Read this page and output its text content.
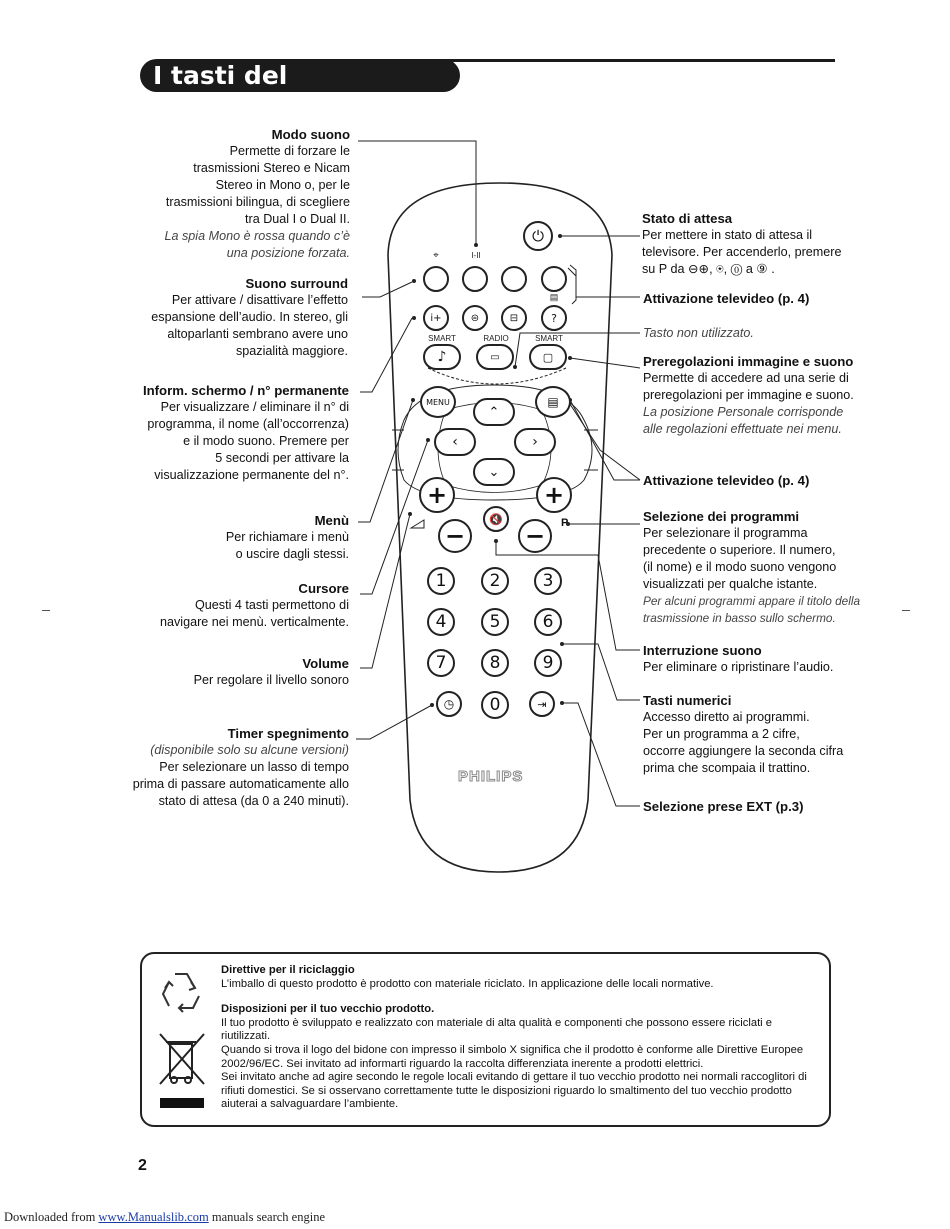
I tasti del telecomando
Modo suono
Permette di forzare le
trasmissioni Stereo e Nicam
Stereo in Mono o, per le
trasmissioni bilingua, di scegliere
tra Dual I o Dual II.
La spia Mono è rossa quando c’è
una posizione forzata.
Suono surround
Per attivare / disattivare l’effetto
espansione dell’audio. In stereo, gli
altoparlanti sembrano avere uno
spazialità maggiore.
Inform. schermo / n° permanente
Per visualizzare / eliminare il n° di
programma, il nome (all’occorrenza)
e il modo suono. Premere per
5 secondi per attivare la
visualizzazione permanente del n°.
Menù
Per richiamare i menù
o uscire dagli stessi.
Cursore
Questi 4 tasti permettono di
navigare nei menù. verticalmente.
Volume
Per regolare il livello sonoro
Timer spegnimento
(disponibile solo su alcune versioni)
Per selezionare un lasso di tempo
prima di passare automaticamente allo
stato di attesa (da 0 a 240 minuti).
Stato di attesa
Per mettere in stato di attesa il
televisore. Per accenderlo, premere
su P da ⊖⊕, ⍟, ⓪ a ⑨ .
Attivazione televideo (p. 4)
Tasto non utilizzato.
Preregolazioni immagine e suono
Permette di accedere ad una serie di
preregolazioni per immagine e suono.
La posizione Personale corrisponde
alle regolazioni effettuate nei menu.
Attivazione televideo (p. 4)
Selezione dei programmi
Per selezionare il programma
precedente o superiore. Il numero,
(il nome) e il modo suono vengono
visualizzati per qualche istante.
Per alcuni programmi appare il titolo della
trasmissione in basso sullo schermo.
Interruzione suono
Per eliminare o ripristinare l’audio.
Tasti numerici
Accesso diretto ai programmi.
Per un programma a 2 cifre,
occorre aggiungere la seconda cifra
prima che scompaia il trattino.
Selezione prese EXT (p.3)
⏻
⌖	I-II
i+	⊜	⊟
▤
?
SMART	RADIO	SMART
♪	▭	▢
MENU	▤
⌃
‹	›
⌄
+	+
− −
🔇	P
1	2	3
4	5	6
7	8	9
◷	0	⇥
PHILIPS
Direttive per il riciclaggio
L’imballo di questo prodotto è prodotto con materiale riciclato. In applicazione delle locali normative.
Disposizioni per il tuo vecchio prodotto.
Il tuo prodotto è sviluppato e realizzato con materiale di alta qualità e componenti che possono essere riciclati e riutilizzati.
Quando si trova il logo del bidone con impresso il simbolo X significa che il prodotto è conforme alle Direttive Europee 2002/96/EC. Sei invitato ad informarti riguardo la raccolta differenziata inerente a prodotti elettrici.
Sei invitato anche ad agire secondo le regole locali evitando di gettare il tuo vecchio prodotto nei normali raccoglitori di rifiuti domestici. Se si osservano correttamente tutte le disposizioni riguardo lo smaltimento del tuo vecchio prodotto aiuterai a salvaguardare l’ambiente.
2
Downloaded from www.Manualslib.com manuals search engine
